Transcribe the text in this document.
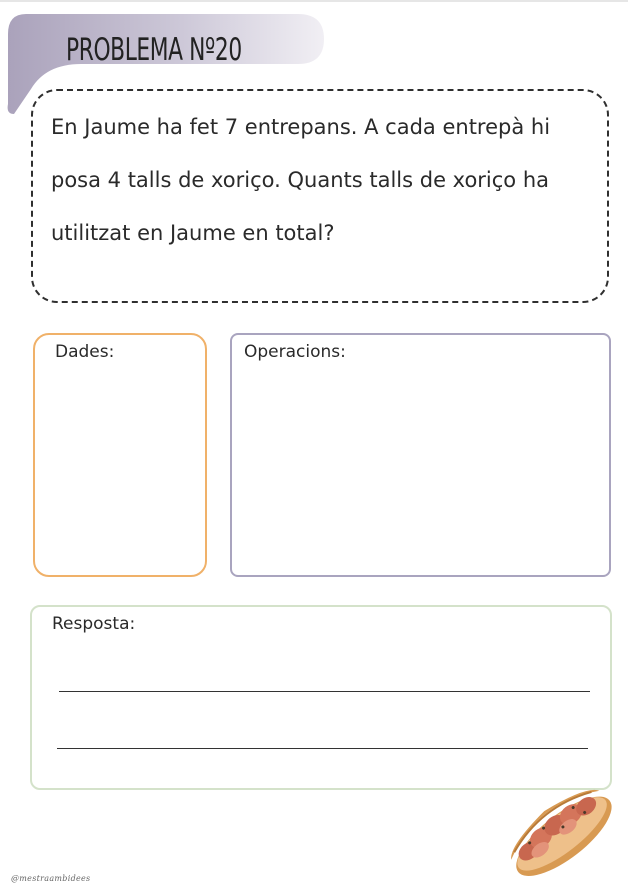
PROBLEMA Nº20
En Jaume ha fet 7 entrepans. A cada entrepà hi
posa 4 talls de xoriço. Quants talls de xoriço ha
utilitzat en Jaume en total?
Dades:	Operacions:
Resposta:
@mestraambidees
